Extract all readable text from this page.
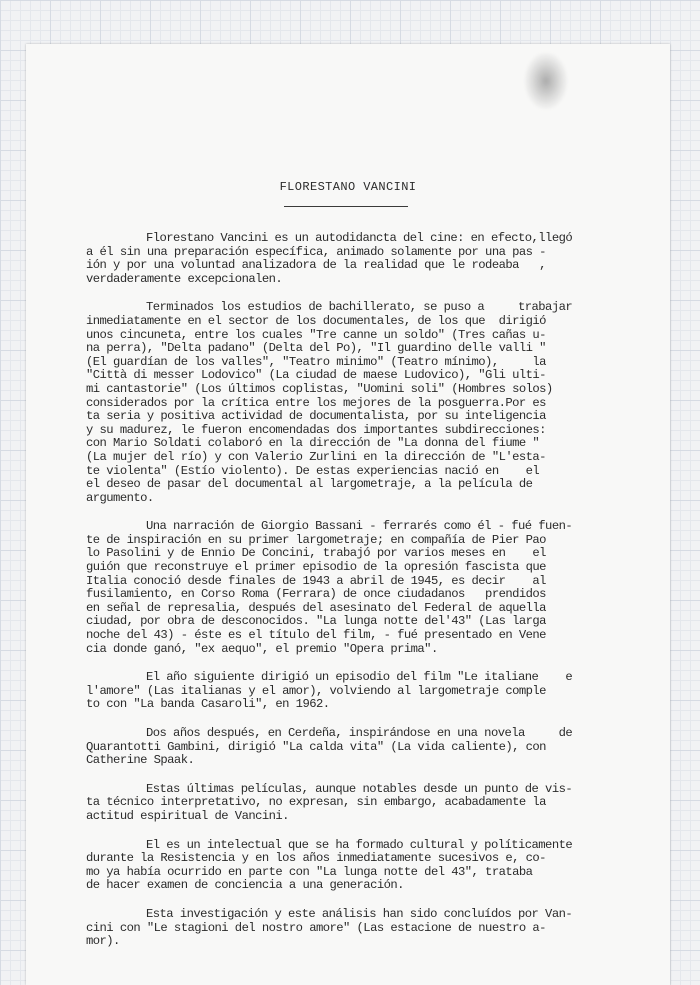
FLORESTANO VANCINI
Florestano Vancini es un autodidancta del cine: en efecto,llegó
a él sin una preparación específica, animado solamente por una pas -
ión y por una voluntad analizadora de la realidad que le rodeaba   ,
verdaderamente excepcionalen.
Terminados los estudios de bachillerato, se puso a     trabajar
inmediatamente en el sector de los documentales, de los que  dirigió
unos cincuneta, entre los cuales "Tre canne un soldo" (Tres cañas u-
na perra), "Delta padano" (Delta del Po), "Il guardino delle valli "
(El guardían de los valles", "Teatro minimo" (Teatro mínimo),     la
"Città di messer Lodovico" (La ciudad de maese Ludovico), "Gli ulti-
mi cantastorie" (Los últimos coplistas, "Uomini soli" (Hombres solos)
considerados por la crítica entre los mejores de la posguerra.Por es
ta seria y positiva actividad de documentalista, por su inteligencia
y su madurez, le fueron encomendadas dos importantes subdirecciones:
con Mario Soldati colaboró en la dirección de "La donna del fiume "
(La mujer del río) y con Valerio Zurlini en la dirección de "L'esta-
te violenta" (Estío violento). De estas experiencias nació en    el
el deseo de pasar del documental al largometraje, a la película de
argumento.
Una narración de Giorgio Bassani - ferrarés como él - fué fuen-
te de inspiración en su primer largometraje; en compañía de Pier Pao
lo Pasolini y de Ennio De Concini, trabajó por varios meses en    el
guión que reconstruye el primer episodio de la opresión fascista que
Italia conoció desde finales de 1943 a abril de 1945, es decir    al
fusilamiento, en Corso Roma (Ferrara) de once ciudadanos   prendidos
en señal de represalia, después del asesinato del Federal de aquella
ciudad, por obra de desconocidos. "La lunga notte del'43" (Las larga
noche del 43) - éste es el título del film, - fué presentado en Vene
cia donde ganó, "ex aequo", el premio "Opera prima".
El año siguiente dirigió un episodio del film "Le italiane    e
l'amore" (Las italianas y el amor), volviendo al largometraje comple
to con "La banda Casaroli", en 1962.
Dos años después, en Cerdeña, inspirándose en una novela     de
Quarantotti Gambini, dirigió "La calda vita" (La vida caliente), con
Catherine Spaak.
Estas últimas películas, aunque notables desde un punto de vis-
ta técnico interpretativo, no expresan, sin embargo, acabadamente la
actitud espiritual de Vancini.
El es un intelectual que se ha formado cultural y políticamente
durante la Resistencia y en los años inmediatamente sucesivos e, co-
mo ya había ocurrido en parte con "La lunga notte del 43", trataba
de hacer examen de conciencia a una generación.
Esta investigación y este análisis han sido concluídos por Van-
cini con "Le stagioni del nostro amore" (Las estacione de nuestro a-
mor).
